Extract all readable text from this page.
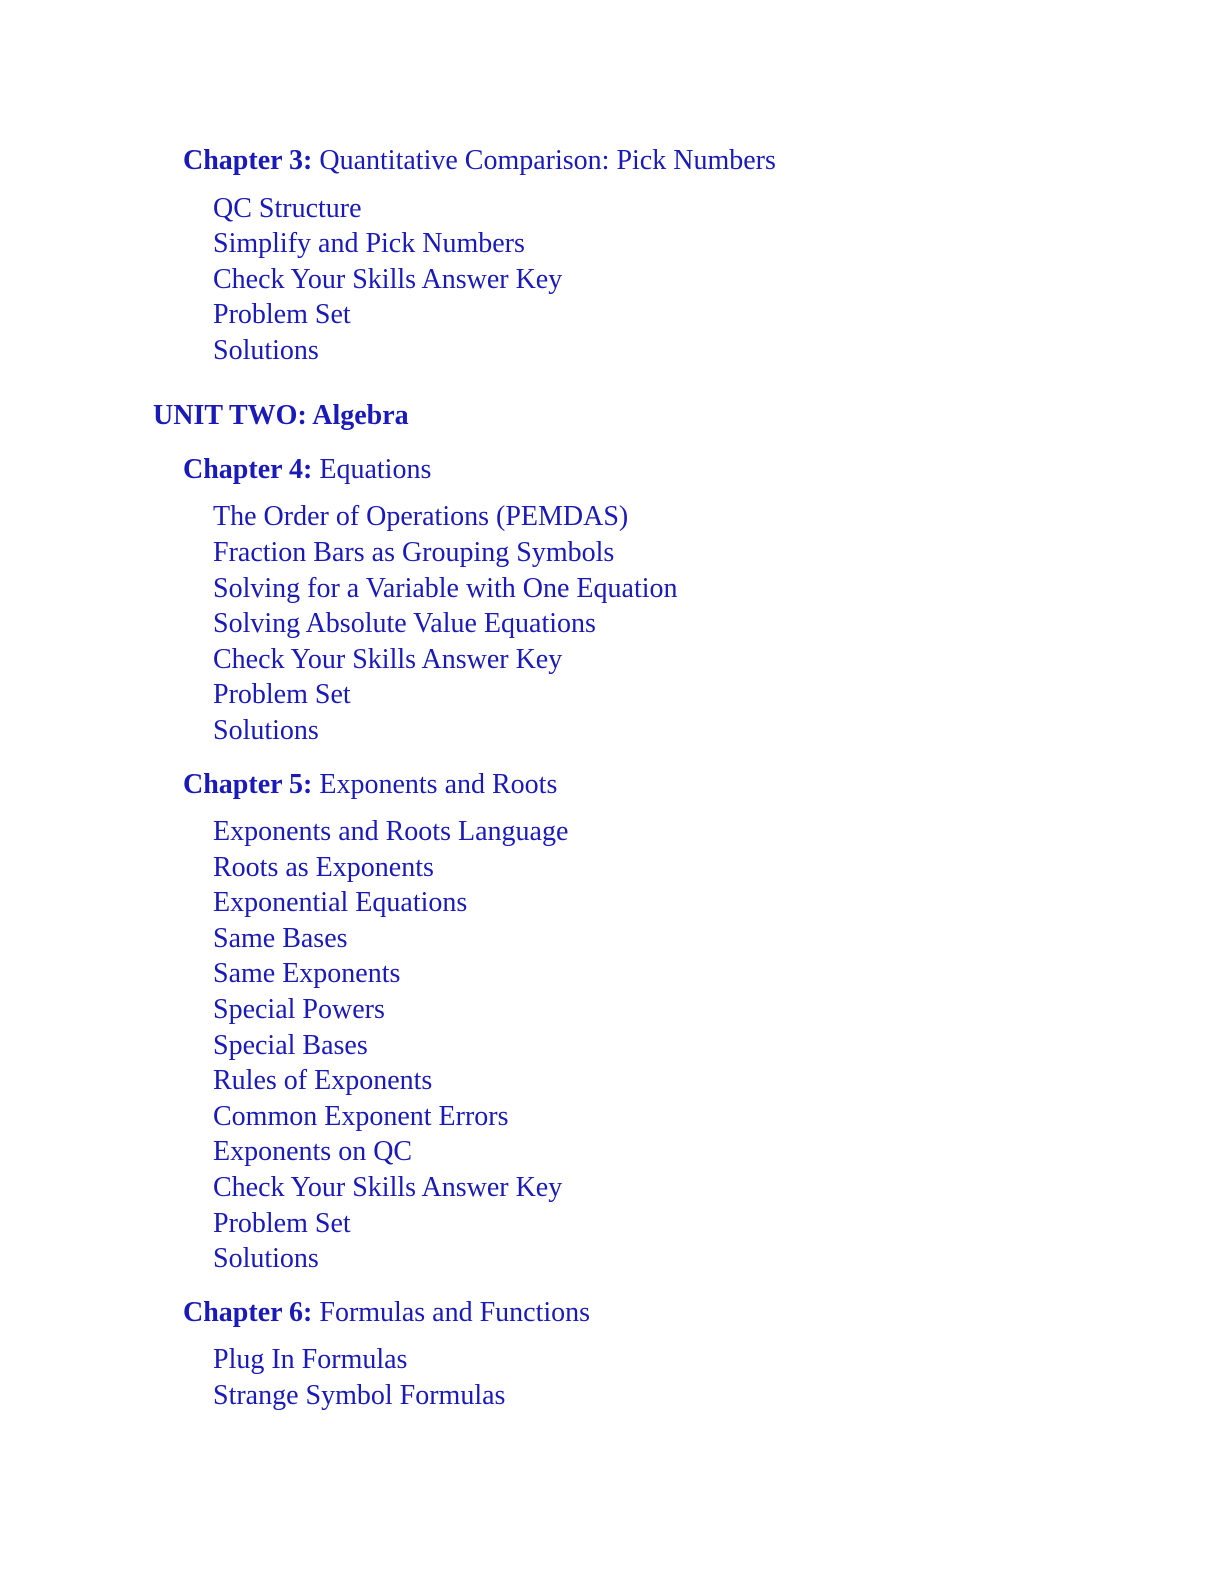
Chapter 3: Quantitative Comparison: Pick Numbers
QC Structure
Simplify and Pick Numbers
Check Your Skills Answer Key
Problem Set
Solutions
UNIT TWO: Algebra
Chapter 4: Equations
The Order of Operations (PEMDAS)
Fraction Bars as Grouping Symbols
Solving for a Variable with One Equation
Solving Absolute Value Equations
Check Your Skills Answer Key
Problem Set
Solutions
Chapter 5: Exponents and Roots
Exponents and Roots Language
Roots as Exponents
Exponential Equations
Same Bases
Same Exponents
Special Powers
Special Bases
Rules of Exponents
Common Exponent Errors
Exponents on QC
Check Your Skills Answer Key
Problem Set
Solutions
Chapter 6: Formulas and Functions
Plug In Formulas
Strange Symbol Formulas
